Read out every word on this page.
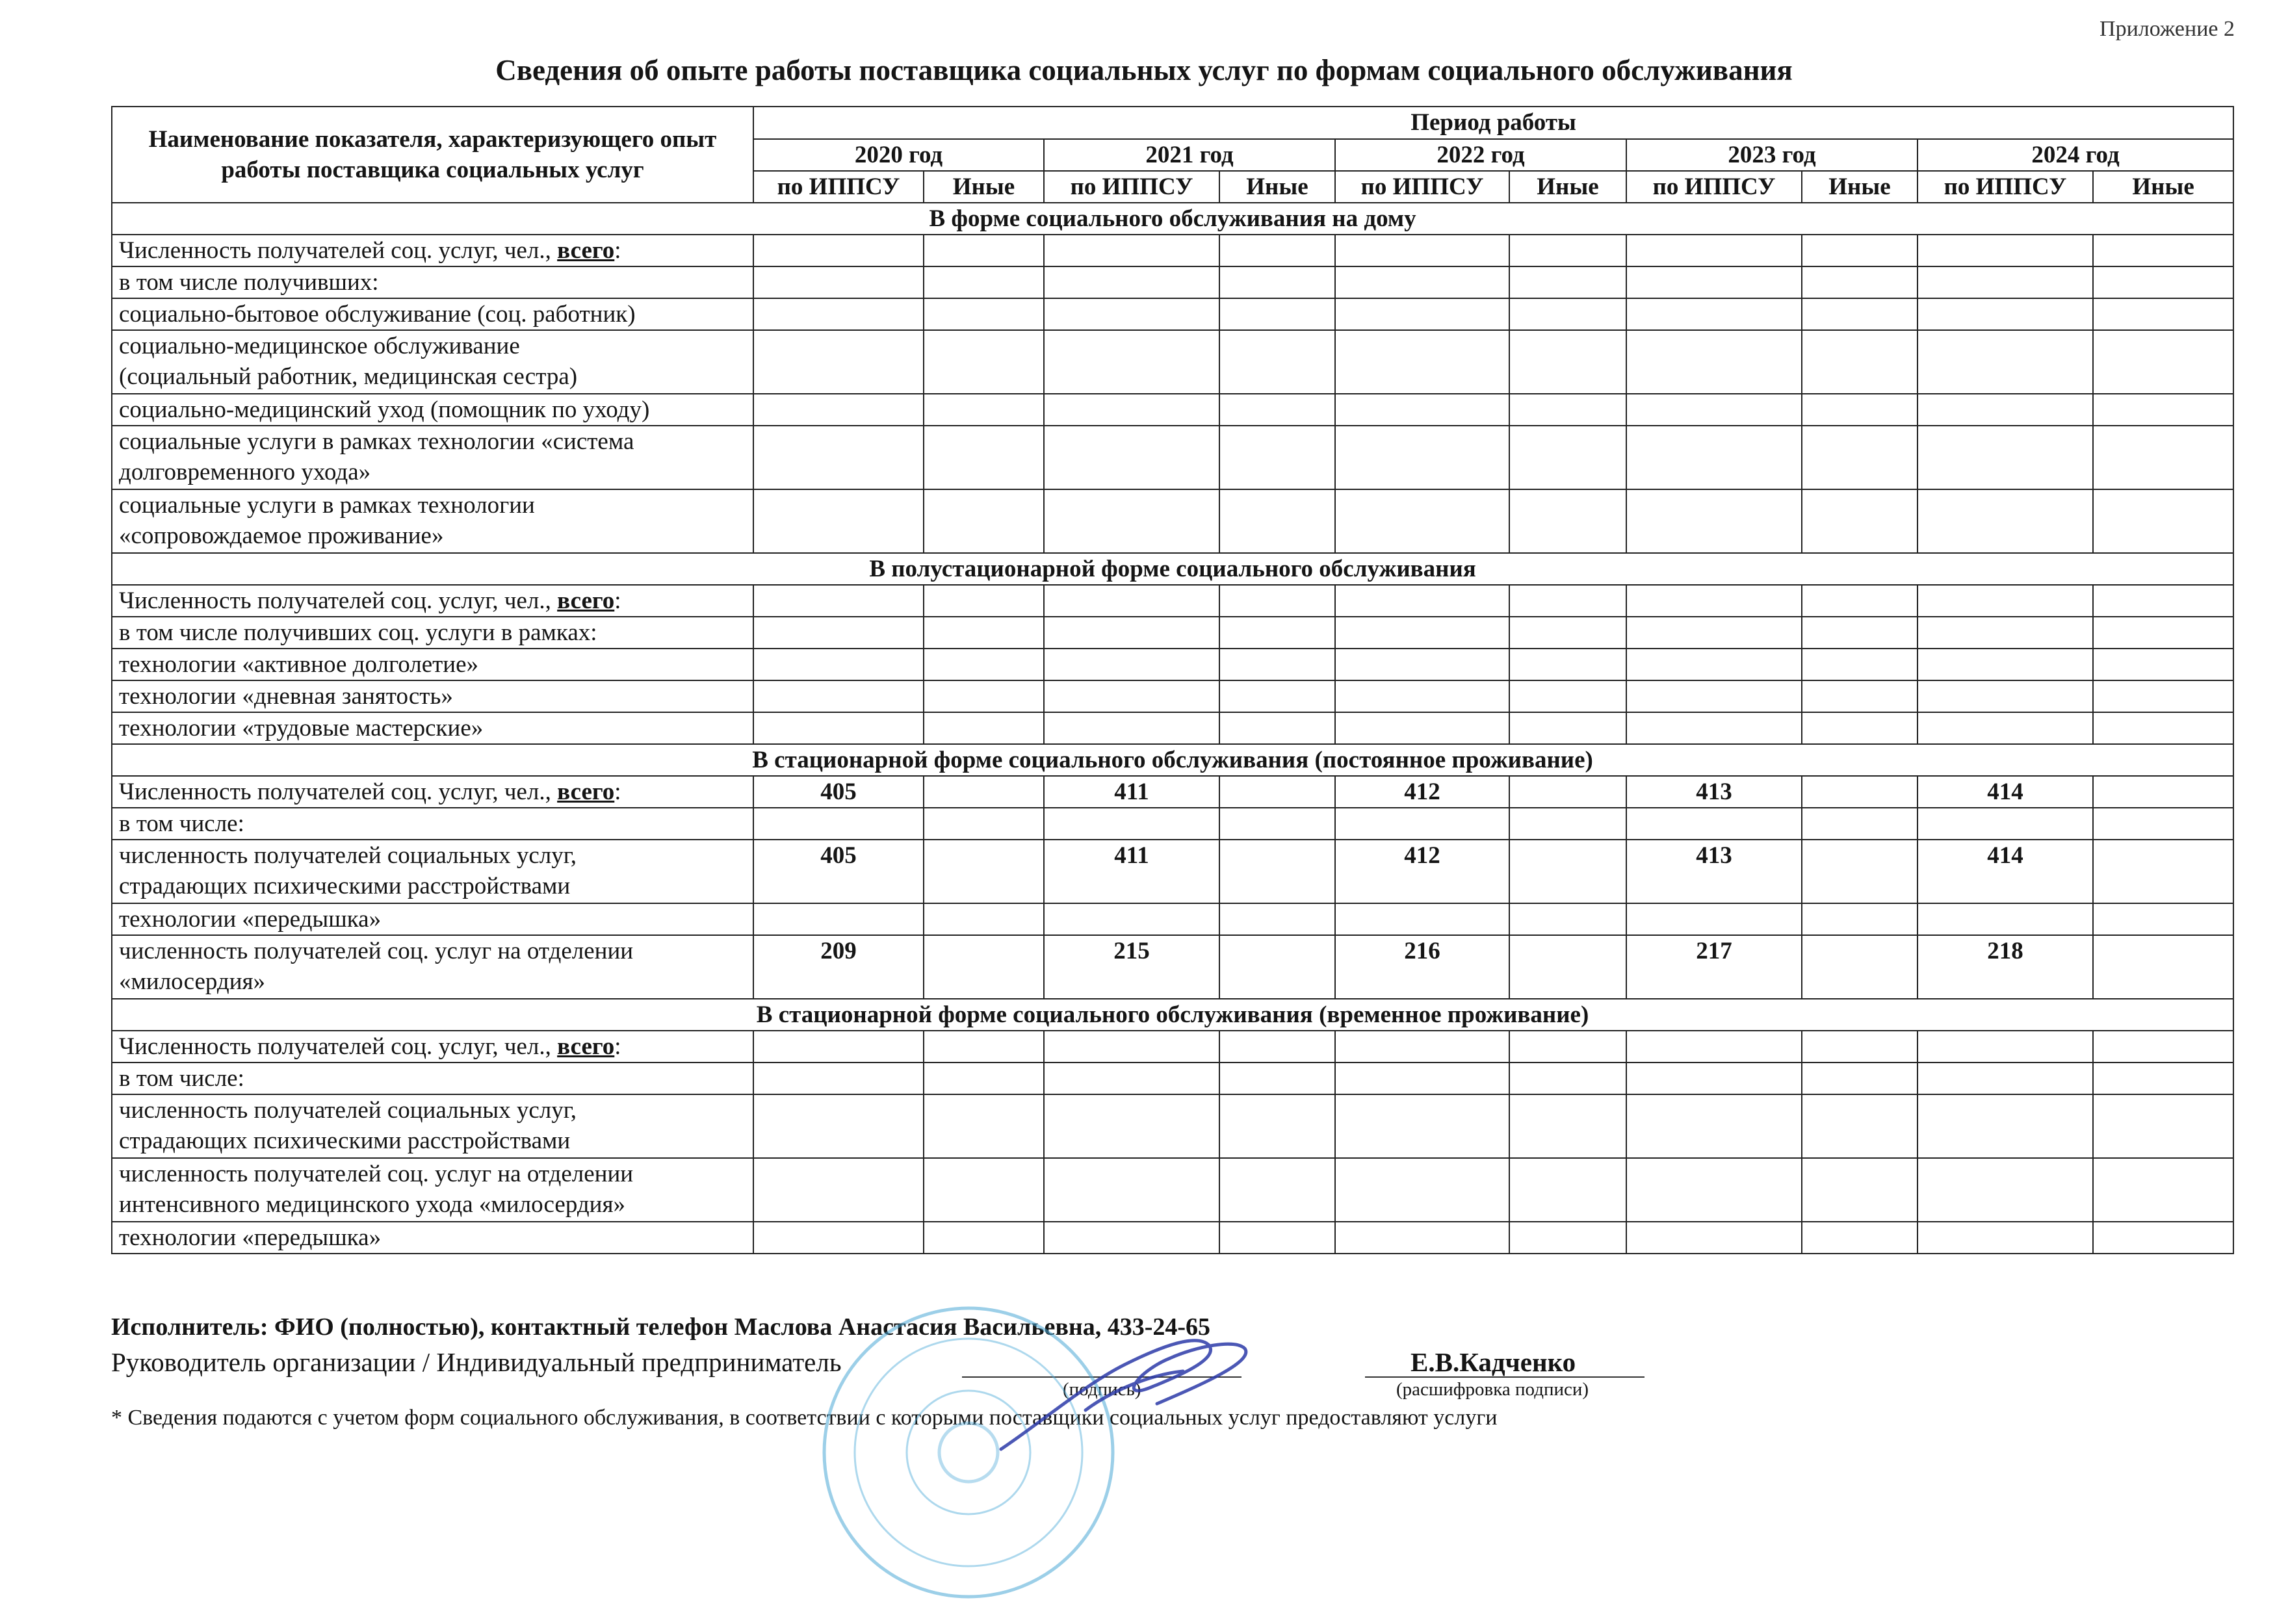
Приложение 2
Сведения об опыте работы поставщика социальных услуг по формам социального обслуживания
Наименование показателя, характеризующего опыт работы поставщика социальных услуг	Период работы									
	2020 год		2021 год		2022 год		2023 год		2024 год	
	по ИППСУ	Иные	по ИППСУ	Иные	по ИППСУ	Иные	по ИППСУ	Иные	по ИППСУ	Иные
В форме социального обслуживания на дому										
Численность получателей соц. услуг, чел., всего:										
в том числе получивших:										
социально-бытовое обслуживание (соц. работник)										
социально-медицинское обслуживание
(социальный работник, медицинская сестра)										
социально-медицинский уход (помощник по уходу)										
социальные услуги в рамках технологии «система
долговременного ухода»										
социальные услуги в рамках технологии
«сопровождаемое проживание»										
В полустационарной форме социального обслуживания										
Численность получателей соц. услуг, чел., всего:										
в том числе получивших соц. услуги в рамках:										
технологии «активное долголетие»										
технологии «дневная занятость»										
технологии «трудовые мастерские»										
В стационарной форме социального обслуживания (постоянное проживание)										
Численность получателей соц. услуг, чел., всего:	405		411		412		413		414	
в том числе:										
численность получателей социальных услуг,
страдающих психическими расстройствами	405		411		412		413		414	
технологии «передышка»										
численность получателей соц. услуг на отделении
«милосердия»	209		215		216		217		218	
В стационарной форме социального обслуживания (временное проживание)										
Численность получателей соц. услуг, чел., всего:										
в том числе:										
численность получателей социальных услуг,
страдающих психическими расстройствами										
численность получателей соц. услуг на отделении
интенсивного медицинского ухода «милосердия»										
технологии «передышка»										
Исполнитель: ФИО (полностью), контактный телефон Маслова Анастасия Васильевна, 433-24-65
Руководитель организации / Индивидуальный предприниматель
(подпись)
Е.В.Кадченко
(расшифровка подписи)
* Сведения подаются с учетом форм социального обслуживания, в соответствии с которыми поставщики социальных услуг предоставляют услуги
